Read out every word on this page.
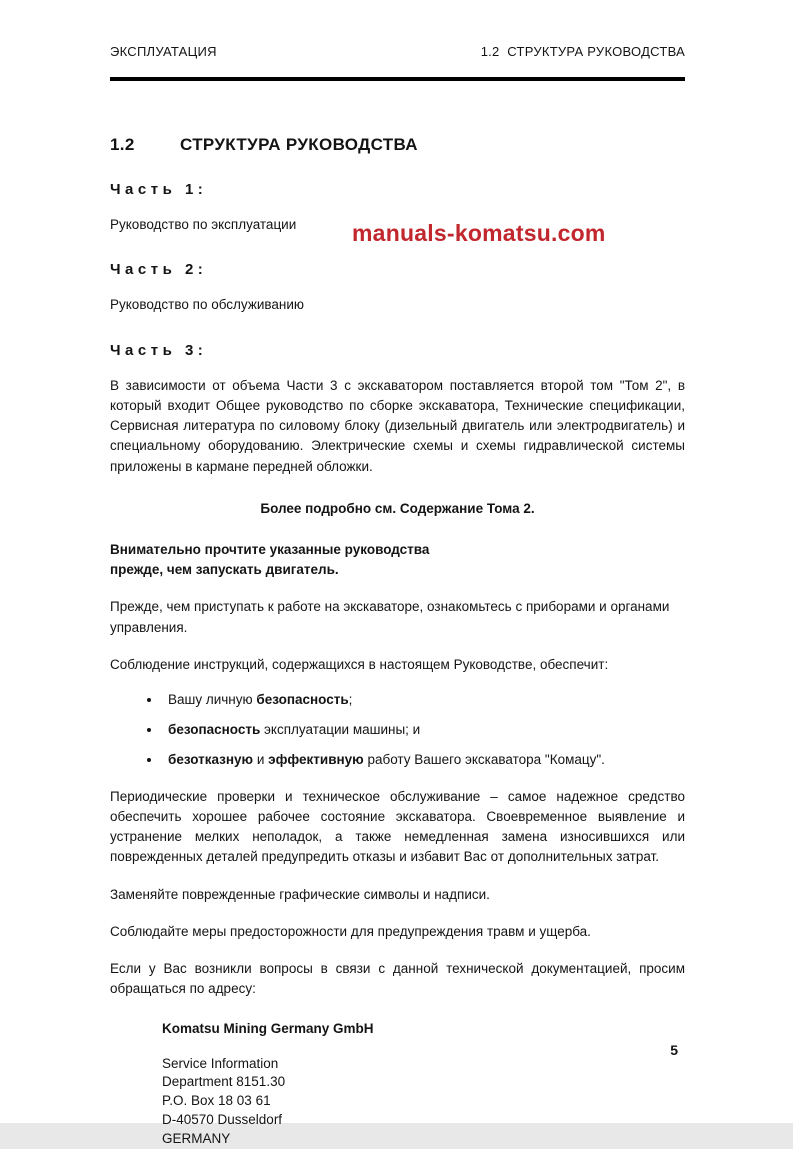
ЭКСПЛУАТАЦИЯ	1.2  СТРУКТУРА РУКОВОДСТВА
1.2	СТРУКТУРА РУКОВОДСТВА
Часть 1:

Руководство по эксплуатации

Часть 2:

Руководство по обслуживанию

Часть 3:

В зависимости от объема Части 3 с экскаватором поставляется второй том "Том 2", в который входит Общее руководство по сборке экскаватора, Технические спецификации, Сервисная литература по силовому блоку (дизельный двигатель или электродвигатель) и специальному оборудованию. Электрические схемы и схемы гидравлической системы приложены в кармане передней обложки.

Более подробно см. Содержание Тома 2.

Внимательно прочтите указанные руководства
прежде, чем запускать двигатель.

Прежде, чем приступать к работе на экскаваторе, ознакомьтесь с приборами и органами управления.

Соблюдение инструкций, содержащихся в настоящем Руководстве, обеспечит:

• Вашу личную безопасность;
• безопасность эксплуатации машины; и
• безотказную и эффективную работу Вашего экскаватора "Комацу".

Периодические проверки и техническое обслуживание – самое надежное средство обеспечить хорошее рабочее состояние экскаватора. Своевременное выявление и устранение мелких неполадок, а также немедленная замена износившихся или поврежденных деталей предупредить отказы и избавит Вас от дополнительных затрат.

Заменяйте поврежденные графические символы и надписи.

Соблюдайте меры предосторожности для предупреждения травм и ущерба.

Если у Вас возникли вопросы в связи с данной технической документацией, просим обращаться по адресу:

Komatsu Mining Germany GmbH
Service Information
Department 8151.30
P.O. Box 18 03 61
D-40570 Dusseldorf
GERMANY
manuals-komatsu.com
5
